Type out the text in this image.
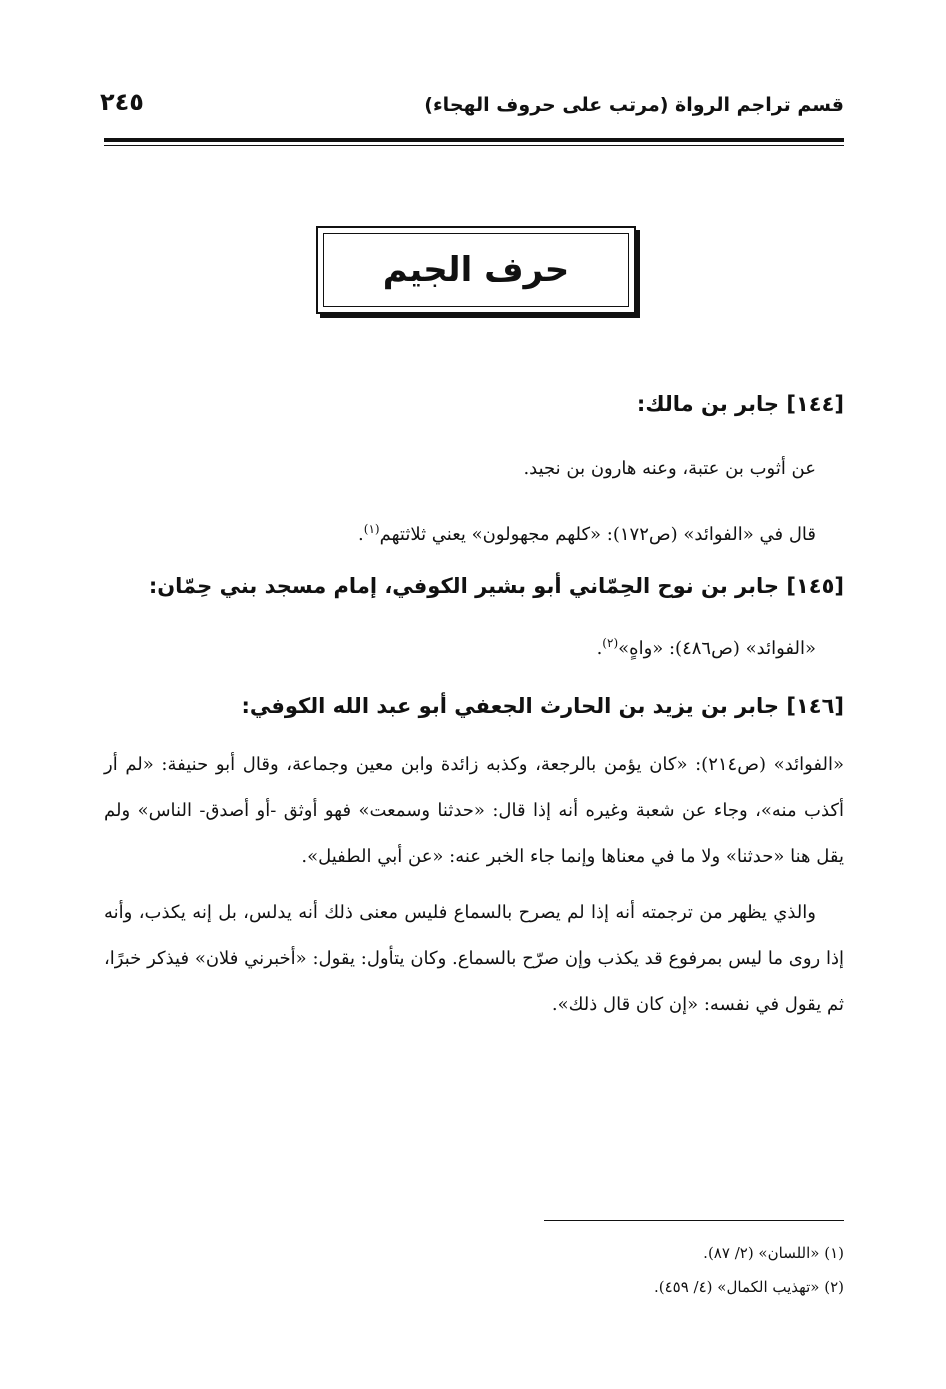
قسم تراجم الرواة (مرتب على حروف الهجاء)
٢٤٥
حرف الجيم

[١٤٤] جابر بن مالك:

عن أثوب بن عتبة، وعنه هارون بن نجيد.

قال في «الفوائد» (ص١٧٢): «كلهم مجهولون» يعني ثلاثتهم$^{(١)}$.

[١٤٥] جابر بن نوح الحِمّاني أبو بشير الكوفي، إمام مسجد بني حِمّان:

«الفوائد» (ص٤٨٦): «واهٍ»$^{(٢)}$.

[١٤٦] جابر بن يزيد بن الحارث الجعفي أبو عبد الله الكوفي:

«الفوائد» (ص٢١٤): «كان يؤمن بالرجعة، وكذبه زائدة وابن معين وجماعة، وقال أبو حنيفة: «لم أر أكذب منه»، وجاء عن شعبة وغيره أنه إذا قال: «حدثنا وسمعت» فهو أوثق -أو أصدق- الناس» ولم يقل هنا «حدثنا» ولا ما في معناها وإنما جاء الخبر عنه: «عن أبي الطفيل».

والذي يظهر من ترجمته أنه إذا لم يصرح بالسماع فليس معنى ذلك أنه يدلس، بل إنه يكذب، وأنه إذا روى ما ليس بمرفوع قد يكذب وإن صرّح بالسماع. وكان يتأول: يقول: «أخبرني فلان» فيذكر خبرًا، ثم يقول في نفسه: «إن كان قال ذلك».

(١) «اللسان» (٢/ ٨٧).

(٢) «تهذيب الكمال» (٤/ ٤٥٩).
